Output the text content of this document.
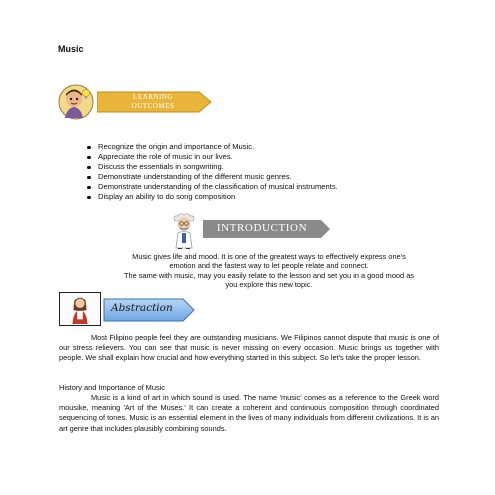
Music
LEARNING
OUTCOMES
Recognize the origin and importance of Music.
Appreciate the role of music in our lives.
Discuss the essentials in songwriting.
Demonstrate understanding of the different music genres.
Demonstrate understanding of the classification of musical instruments.
Display an ability to do song composition
INTRODUCTION

Music gives life and mood. It is one of the greatest ways to effectively express one's

emotion and the fastest way to let people relate and connect.

The same with music, may you easily relate to the lesson and set you in a good mood as

you explore this new topic.

Abstraction

Most Filipino people feel they are outstanding musicians. We Filipinos cannot dispute that music is one of our stress relievers. You can see that music is never missing on every occasion. Music brings us together with people. We shall explain how crucial and how everything started in this subject. So let's take the proper lesson.

History and Importance of Music

Music is a kind of art in which sound is used. The name 'music' comes as a reference to the Greek word mousike, meaning 'Art of the Muses.' It can create a coherent and continuous composition through coordinated sequencing of tones. Music is an essential element in the lives of many individuals from different civilizations. It is an art genre that includes plausibly combining sounds.
